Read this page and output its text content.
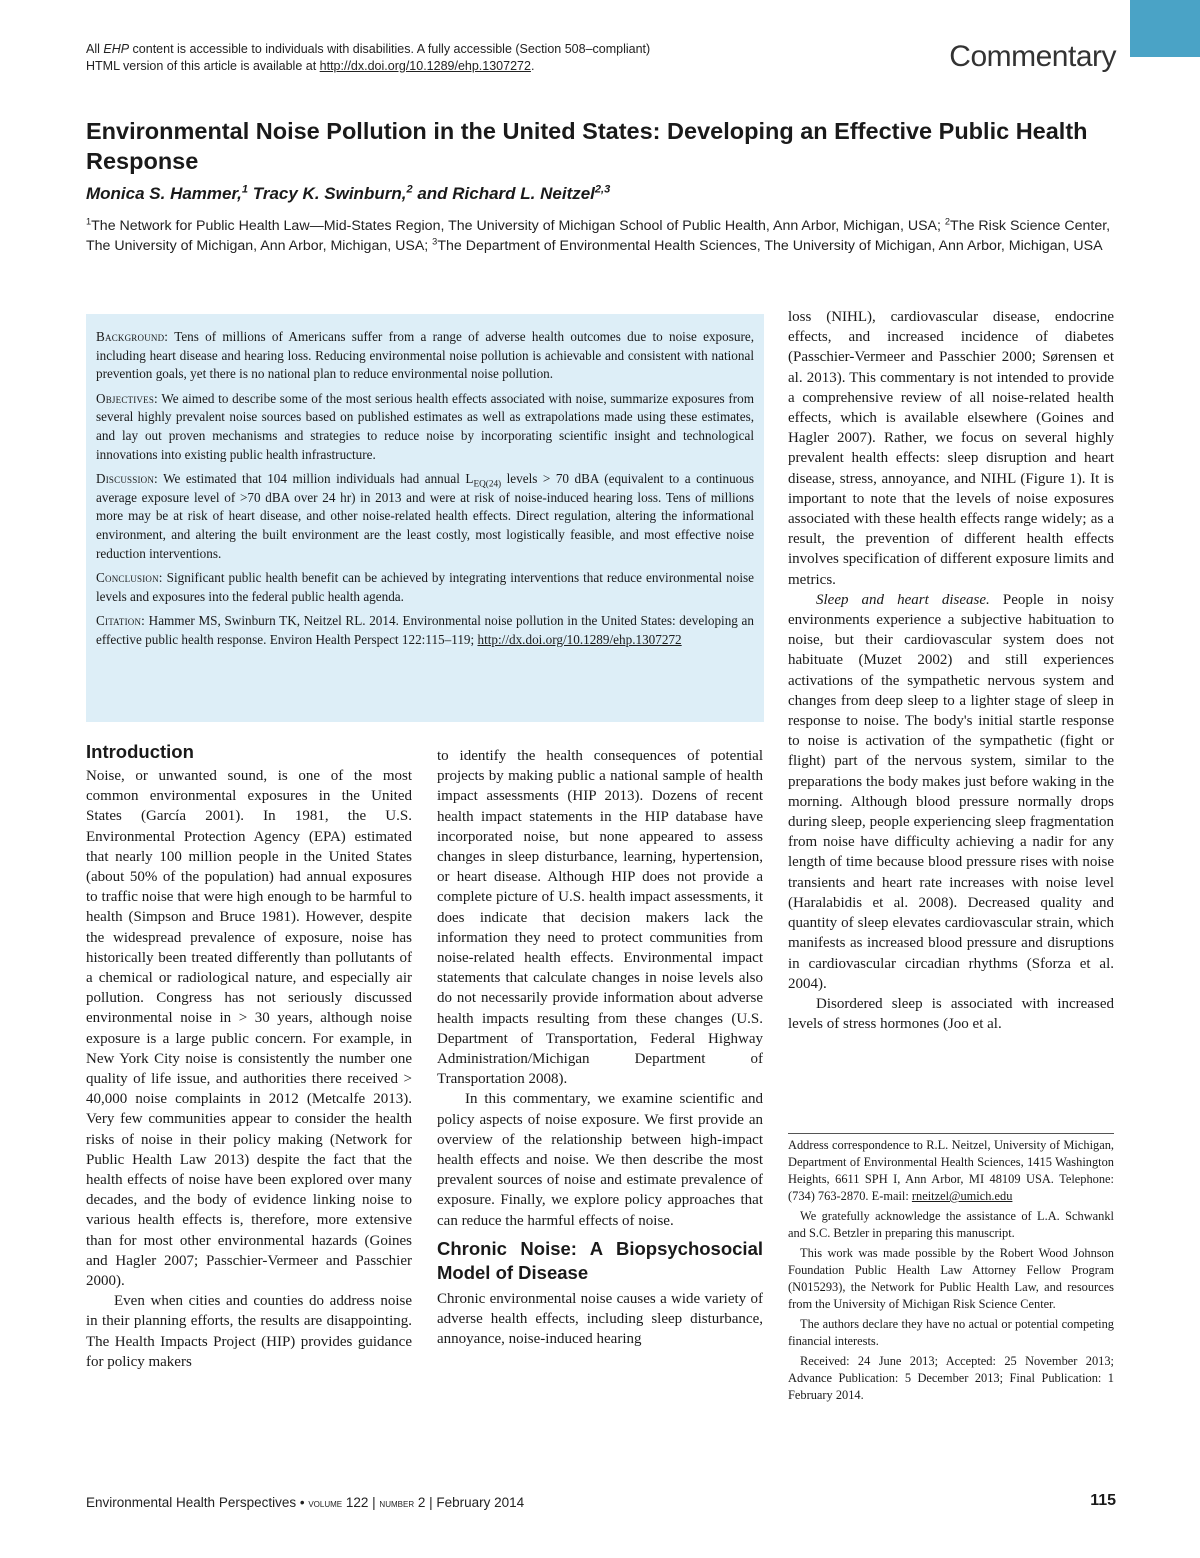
All EHP content is accessible to individuals with disabilities. A fully accessible (Section 508–compliant)
HTML version of this article is available at http://dx.doi.org/10.1289/ehp.1307272.	Commentary
Environmental Noise Pollution in the United States: Developing an Effective Public Health Response
Monica S. Hammer,$^1$ Tracy K. Swinburn,$^2$ and Richard L. Neitzel$^{2,3}$
$^1$The Network for Public Health Law—Mid-States Region, The University of Michigan School of Public Health, Ann Arbor, Michigan, USA; $^2$The Risk Science Center, The University of Michigan, Ann Arbor, Michigan, USA; $^3$The Department of Environmental Health Sciences, The University of Michigan, Ann Arbor, Michigan, USA

Background: Tens of millions of Americans suffer from a range of adverse health outcomes due to noise exposure, including heart disease and hearing loss. Reducing environmental noise pollution is achievable and consistent with national prevention goals, yet there is no national plan to reduce environmental noise pollution.

Objectives: We aimed to describe some of the most serious health effects associated with noise, summarize exposures from several highly prevalent noise sources based on published estimates as well as extrapolations made using these estimates, and lay out proven mechanisms and strategies to reduce noise by incorporating scientific insight and technological innovations into existing public health infrastructure.

Discussion: We estimated that 104 million individuals had annual $L_{EQ(24)}$ levels > 70 dBA (equivalent to a continuous average exposure level of >70 dBA over 24 hr) in 2013 and were at risk of noise-induced hearing loss. Tens of millions more may be at risk of heart disease, and other noise-related health effects. Direct regulation, altering the informational environment, and altering the built environment are the least costly, most logistically feasible, and most effective noise reduction interventions.

Conclusion: Significant public health benefit can be achieved by integrating interventions that reduce environmental noise levels and exposures into the federal public health agenda.

Citation: Hammer MS, Swinburn TK, Neitzel RL. 2014. Environmental noise pollution in the United States: developing an effective public health response. Environ Health Perspect 122:115–119; http://dx.doi.org/10.1289/ehp.1307272

Introduction

Noise, or unwanted sound, is one of the most common environmental exposures in the United States (García 2001). In 1981, the U.S. Environmental Protection Agency (EPA) estimated that nearly 100 million people in the United States (about 50% of the population) had annual exposures to traffic noise that were high enough to be harmful to health (Simpson and Bruce 1981). However, despite the widespread prevalence of exposure, noise has historically been treated differently than pollutants of a chemical or radiological nature, and especially air pollution. Congress has not seriously discussed environmental noise in > 30 years, although noise exposure is a large public concern. For example, in New York City noise is consistently the number one quality of life issue, and authorities there received > 40,000 noise complaints in 2012 (Metcalfe 2013). Very few communities appear to consider the health risks of noise in their policy making (Network for Public Health Law 2013) despite the fact that the health effects of noise have been explored over many decades, and the body of evidence linking noise to various health effects is, therefore, more extensive than for most other environmental hazards (Goines and Hagler 2007; Passchier-Vermeer and Passchier 2000).

Even when cities and counties do address noise in their planning efforts, the results are disappointing. The Health Impacts Project (HIP) provides guidance for policy makers

to identify the health consequences of potential projects by making public a national sample of health impact assessments (HIP 2013). Dozens of recent health impact statements in the HIP database have incorporated noise, but none appeared to assess changes in sleep disturbance, learning, hypertension, or heart disease. Although HIP does not provide a complete picture of U.S. health impact assessments, it does indicate that decision makers lack the information they need to protect communities from noise-related health effects. Environmental impact statements that calculate changes in noise levels also do not necessarily provide information about adverse health impacts resulting from these changes (U.S. Department of Transportation, Federal Highway Administration/Michigan Department of Transportation 2008).

In this commentary, we examine scientific and policy aspects of noise exposure. We first provide an overview of the relationship between high-impact health effects and noise. We then describe the most prevalent sources of noise and estimate prevalence of exposure. Finally, we explore policy approaches that can reduce the harmful effects of noise.

Chronic Noise: A Biopsychosocial Model of Disease

Chronic environmental noise causes a wide variety of adverse health effects, including sleep disturbance, annoyance, noise-induced hearing

loss (NIHL), cardiovascular disease, endocrine effects, and increased incidence of diabetes (Passchier-Vermeer and Passchier 2000; Sørensen et al. 2013). This commentary is not intended to provide a comprehensive review of all noise-related health effects, which is available elsewhere (Goines and Hagler 2007). Rather, we focus on several highly prevalent health effects: sleep disruption and heart disease, stress, annoyance, and NIHL (Figure 1). It is important to note that the levels of noise exposures associated with these health effects range widely; as a result, the prevention of different health effects involves specification of different exposure limits and metrics.

Sleep and heart disease. People in noisy environments experience a subjective habituation to noise, but their cardiovascular system does not habituate (Muzet 2002) and still experiences activations of the sympathetic nervous system and changes from deep sleep to a lighter stage of sleep in response to noise. The body's initial startle response to noise is activation of the sympathetic (fight or flight) part of the nervous system, similar to the preparations the body makes just before waking in the morning. Although blood pressure normally drops during sleep, people experiencing sleep fragmentation from noise have difficulty achieving a nadir for any length of time because blood pressure rises with noise transients and heart rate increases with noise level (Haralabidis et al. 2008). Decreased quality and quantity of sleep elevates cardiovascular strain, which manifests as increased blood pressure and disruptions in cardiovascular circadian rhythms (Sforza et al. 2004).

Disordered sleep is associated with increased levels of stress hormones (Joo et al.

Address correspondence to R.L. Neitzel, University of Michigan, Department of Environmental Health Sciences, 1415 Washington Heights, 6611 SPH I, Ann Arbor, MI 48109 USA. Telephone: (734) 763-2870. E-mail: rneitzel@umich.edu

We gratefully acknowledge the assistance of L.A. Schwankl and S.C. Betzler in preparing this manuscript.

This work was made possible by the Robert Wood Johnson Foundation Public Health Law Attorney Fellow Program (N015293), the Network for Public Health Law, and resources from the University of Michigan Risk Science Center.

The authors declare they have no actual or potential competing financial interests.

Received: 24 June 2013; Accepted: 25 November 2013; Advance Publication: 5 December 2013; Final Publication: 1 February 2014.

Environmental Health Perspectives • volume 122 | number 2 | February 2014	115
